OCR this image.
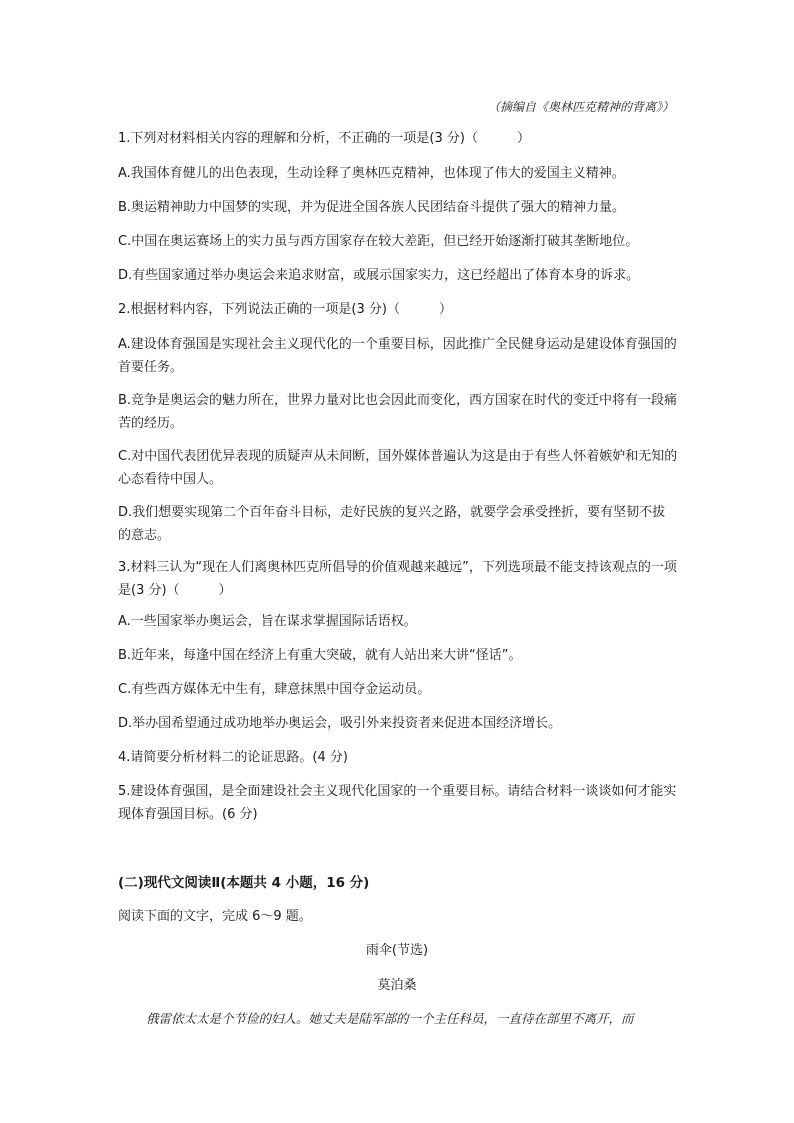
（摘编自《奥林匹克精神的背离》）
1.下列对材料相关内容的理解和分析，不正确的一项是(3 分)（　　　）
A.我国体育健儿的出色表现，生动诠释了奥林匹克精神，也体现了伟大的爱国主义精神。
B.奥运精神助力中国梦的实现，并为促进全国各族人民团结奋斗提供了强大的精神力量。
C.中国在奥运赛场上的实力虽与西方国家存在较大差距，但已经开始逐渐打破其垄断地位。
D.有些国家通过举办奥运会来追求财富，或展示国家实力，这已经超出了体育本身的诉求。
2.根据材料内容，下列说法正确的一项是(3 分)（　　　）
A.建设体育强国是实现社会主义现代化的一个重要目标，因此推广全民健身运动是建设体育强国的首要任务。
B.竞争是奥运会的魅力所在，世界力量对比也会因此而变化，西方国家在时代的变迁中将有一段痛苦的经历。
C.对中国代表团优异表现的质疑声从未间断，国外媒体普遍认为这是由于有些人怀着嫉妒和无知的心态看待中国人。
D.我们想要实现第二个百年奋斗目标，走好民族的复兴之路，就要学会承受挫折，要有坚韧不拔的意志。
3.材料三认为“现在人们离奥林匹克所倡导的价值观越来越远”，下列选项最不能支持该观点的一项是(3 分)（　　　）
A.一些国家举办奥运会，旨在谋求掌握国际话语权。
B.近年来，每逢中国在经济上有重大突破，就有人站出来大讲“怪话”。
C.有些西方媒体无中生有，肆意抹黑中国夺金运动员。
D.举办国希望通过成功地举办奥运会，吸引外来投资者来促进本国经济增长。
4.请简要分析材料二的论证思路。(4 分)
5.建设体育强国，是全面建设社会主义现代化国家的一个重要目标。请结合材料一谈谈如何才能实现体育强国目标。(6 分)
(二)现代文阅读Ⅱ(本题共 4 小题，16 分)
阅读下面的文字，完成 6～9 题。
雨伞(节选)
莫泊桑
俄雷依太太是个节俭的妇人。她丈夫是陆军部的一个主任科员，一直待在部里不离开，而
